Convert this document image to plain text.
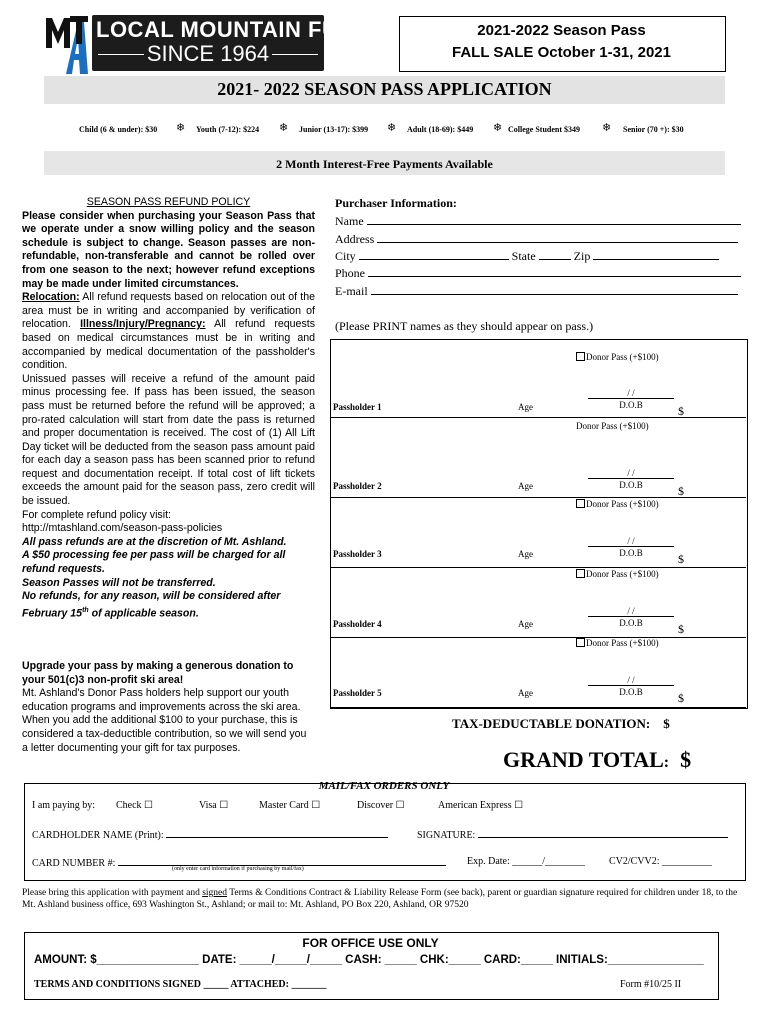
LOCAL MOUNTAIN FUN
SINCE 1964
2021-2022 Season Pass
FALL SALE October 1-31, 2021
2021- 2022 SEASON PASS APPLICATION
Child (6 & under): $30 ❄ Youth (7-12): $224 ❄ Junior (13-17): $399 ❄ Adult (18-69): $449 ❄ College Student $349 ❄ Senior (70 +): $30
2 Month Interest-Free Payments Available

SEASON PASS REFUND POLICY

Please consider when purchasing your Season Pass that we operate under a snow willing policy and the season schedule is subject to change. Season passes are non-refundable, non-transferable and cannot be rolled over from one season to the next; however refund exceptions may be made under limited circumstances.

Relocation: All refund requests based on relocation out of the area must be in writing and accompanied by verification of relocation. Illness/Injury/Pregnancy: All refund requests based on medical circumstances must be in writing and accompanied by medical documentation of the passholder's condition.

Unissued passes will receive a refund of the amount paid minus processing fee. If pass has been issued, the season pass must be returned before the refund will be approved; a pro-rated calculation will start from date the pass is returned and proper documentation is received. The cost of (1) All Lift Day ticket will be deducted from the season pass amount paid for each day a season pass has been scanned prior to refund request and documentation receipt. If total cost of lift tickets exceeds the amount paid for the season pass, zero credit will be issued.

For complete refund policy visit:

http://mtashland.com/season-pass-policies

All pass refunds are at the discretion of Mt. Ashland.

A $50 processing fee per pass will be charged for all refund requests.

Season Passes will not be transferred.

No refunds, for any reason, will be considered after February 15th of applicable season.

Upgrade your pass by making a generous donation to your 501(c)3 non-profit ski area!

Mt. Ashland's Donor Pass holders help support our youth education programs and improvements across the ski area. When you add the additional $100 to your purchase, this is considered a tax-deductible contribution, so we will send you a letter documenting your gift for tax purposes.

Purchaser Information:
Name
Address
City	State	Zip
Phone
E-mail
(Please PRINT names as they should appear on pass.)
Donor Pass (+$100)
/ /
Passholder 1	Age	D.O.B	$
Donor Pass (+$100)
/ /
Passholder 2	Age	D.O.B	$
Donor Pass (+$100)
/ /
Passholder 3	Age	D.O.B	$
Donor Pass (+$100)
/ /
Passholder 4	Age	D.O.B	$
Donor Pass (+$100)
/ /
Passholder 5	Age	D.O.B	$
TAX-DEDUCTABLE DONATION: $
GRAND TOTAL: $
MAIL/FAX ORDERS ONLY
I am paying by: Check ☐	Visa ☐	Master Card ☐	Discover ☐	American Express ☐
CARDHOLDER NAME (Print):	SIGNATURE:
CARD NUMBER #:	Exp. Date: ______/________ CV2/CVV2: __________
(only enter card information if purchasing by mail/fax)
Please bring this application with payment and signed Terms & Conditions Contract & Liability Release Form (see back), parent or guardian signature required for children under 18, to the Mt. Ashland business office, 693 Washington St., Ashland; or mail to: Mt. Ashland, PO Box 220, Ashland, OR 97520
FOR OFFICE USE ONLY
AMOUNT: $________________ DATE: _____/_____/_____ CASH: _____ CHK:_____ CARD:_____ INITIALS:_______________
TERMS AND CONDITIONS SIGNED _____ ATTACHED: _______	Form #10/25 II
